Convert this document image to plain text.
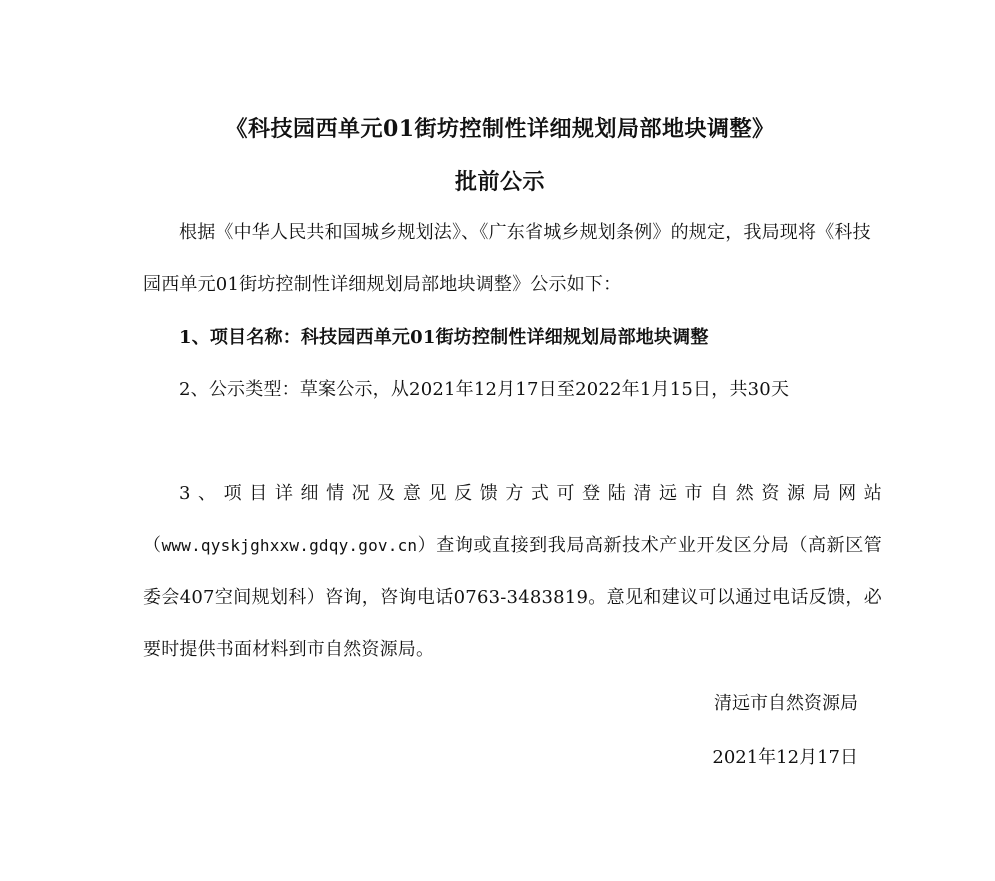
《科技园西单元01街坊控制性详细规划局部地块调整》
批前公示
根据《中华人民共和国城乡规划法》、《广东省城乡规划条例》的规定，我局现将《科技园西单元01街坊控制性详细规划局部地块调整》公示如下：
1、项目名称：科技园西单元01街坊控制性详细规划局部地块调整
2、公示类型：草案公示，从2021年12月17日至2022年1月15日，共30天
3、项目详细情况及意见反馈方式可登陆清远市自然资源局网站（www.qyskjghxxw.gdqy.gov.cn）查询或直接到我局高新技术产业开发区分局（高新区管委会407空间规划科）咨询，咨询电话0763-3483819。意见和建议可以通过电话反馈，必要时提供书面材料到市自然资源局。
清远市自然资源局
2021年12月17日
